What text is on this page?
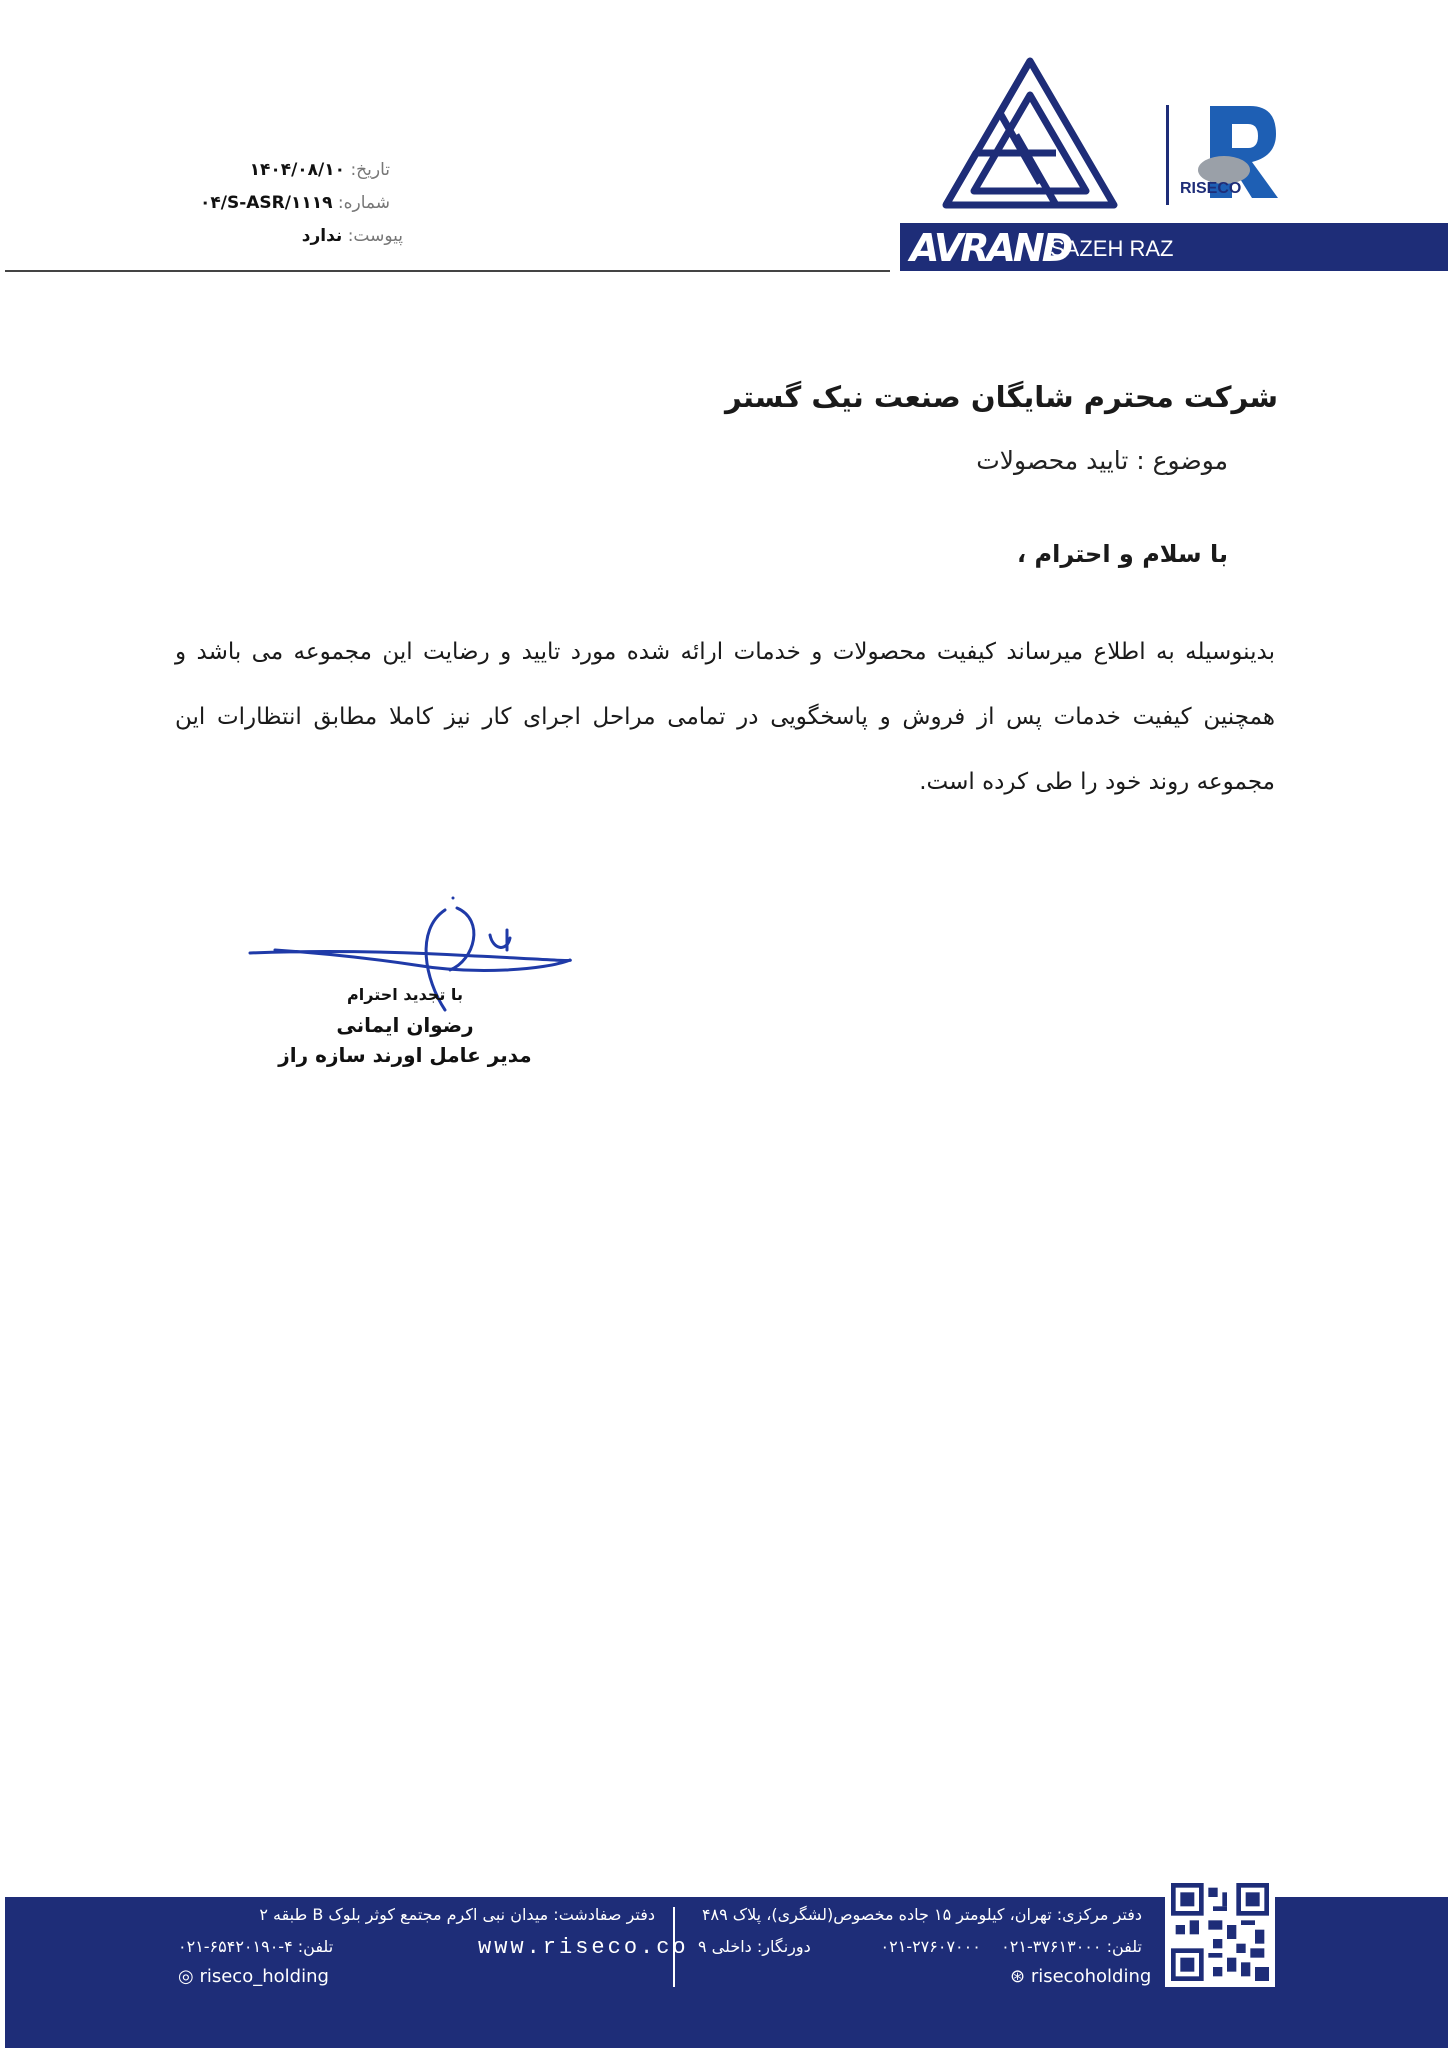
RISECO
AVRAND
SAZEH RAZ
تاریخ: ۱۴۰۴/۰۸/۱۰
شماره: ۰۴/S-ASR/۱۱۱۹
پیوست: ندارد
شرکت محترم شایگان صنعت نیک گستر
موضوع : تایید محصولات
با سلام و احترام ،
بدینوسیله به اطلاع میرساند کیفیت محصولات و خدمات ارائه شده مورد تایید و رضایت این مجموعه می باشد و همچنین کیفیت خدمات پس از فروش و پاسخگویی در تمامی مراحل اجرای کار نیز کاملا مطابق انتظارات این مجموعه روند خود را طی کرده است.
با تجدید احترام
رضوان ایمانی
مدیر عامل اورند سازه راز
دفتر مرکزی: تهران، کیلومتر ۱۵ جاده مخصوص(لشگری)، پلاک ۴۸۹
تلفن: ۰۲۱-۳۷۶۱۳۰۰۰    ۰۲۱-۲۷۶۰۷۰۰۰
دورنگار: داخلی ۹
⊛ risecoholding
دفتر صفادشت: میدان نبی اکرم مجتمع کوثر بلوک B طبقه ۲
تلفن: ۰۲۱-۶۵۴۲۰۱۹۰-۴	www.riseco.co
◎ riseco_holding
